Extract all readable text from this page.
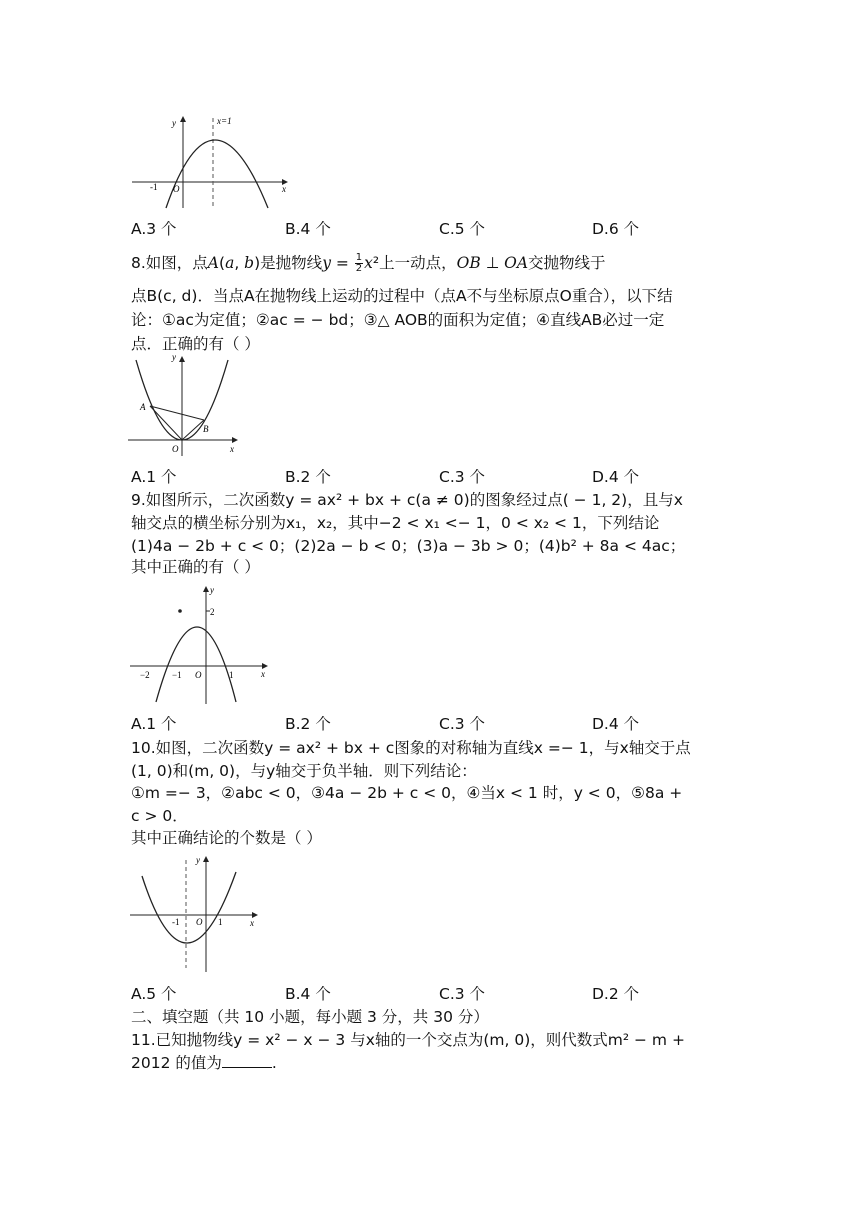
y
x
O
-1
x=1
A.3 个	B.4 个	C.5 个	D.6 个
8.如图，点A(a, b)是抛物线$y = \frac{1}{2} x^2$上一动点，OB ⊥ OA交抛物线于
点B(c, d)．当点A在抛物线上运动的过程中（点A不与坐标原点O重合），以下结
论：①ac为定值；②ac = − bd；③△ AOB的面积为定值；④直线AB必过一定
点．正确的有（ ）
y
x
O
A
B
A.1 个	B.2 个	C.3 个	D.4 个
9.如图所示，二次函数y = ax² + bx + c(a ≠ 0)的图象经过点( − 1, 2)，且与x
轴交点的横坐标分别为x₁，x₂，其中−2 < x₁ <− 1，0 < x₂ < 1，下列结论
(1)4a − 2b + c < 0；(2)2a − b < 0；(3)a − 3b > 0；(4)b² + 8a < 4ac；
其中正确的有（ ）
y
x
O
2
−2 −1	1
A.1 个	B.2 个	C.3 个	D.4 个
10.如图，二次函数y = ax² + bx + c图象的对称轴为直线x =− 1，与x轴交于点
(1, 0)和(m, 0)，与y轴交于负半轴．则下列结论：
①m =− 3，②abc < 0，③4a − 2b + c < 0，④当x < 1 时，y < 0，⑤8a +
c > 0．
其中正确结论的个数是（ ）
y
x
O
-1	1
A.5 个	B.4 个	C.3 个	D.2 个
二、填空题（共 10 小题，每小题 3 分，共 30 分）
11.已知抛物线y = x² − x − 3 与x轴的一个交点为(m, 0)，则代数式m² − m +
2012 的值为	.
